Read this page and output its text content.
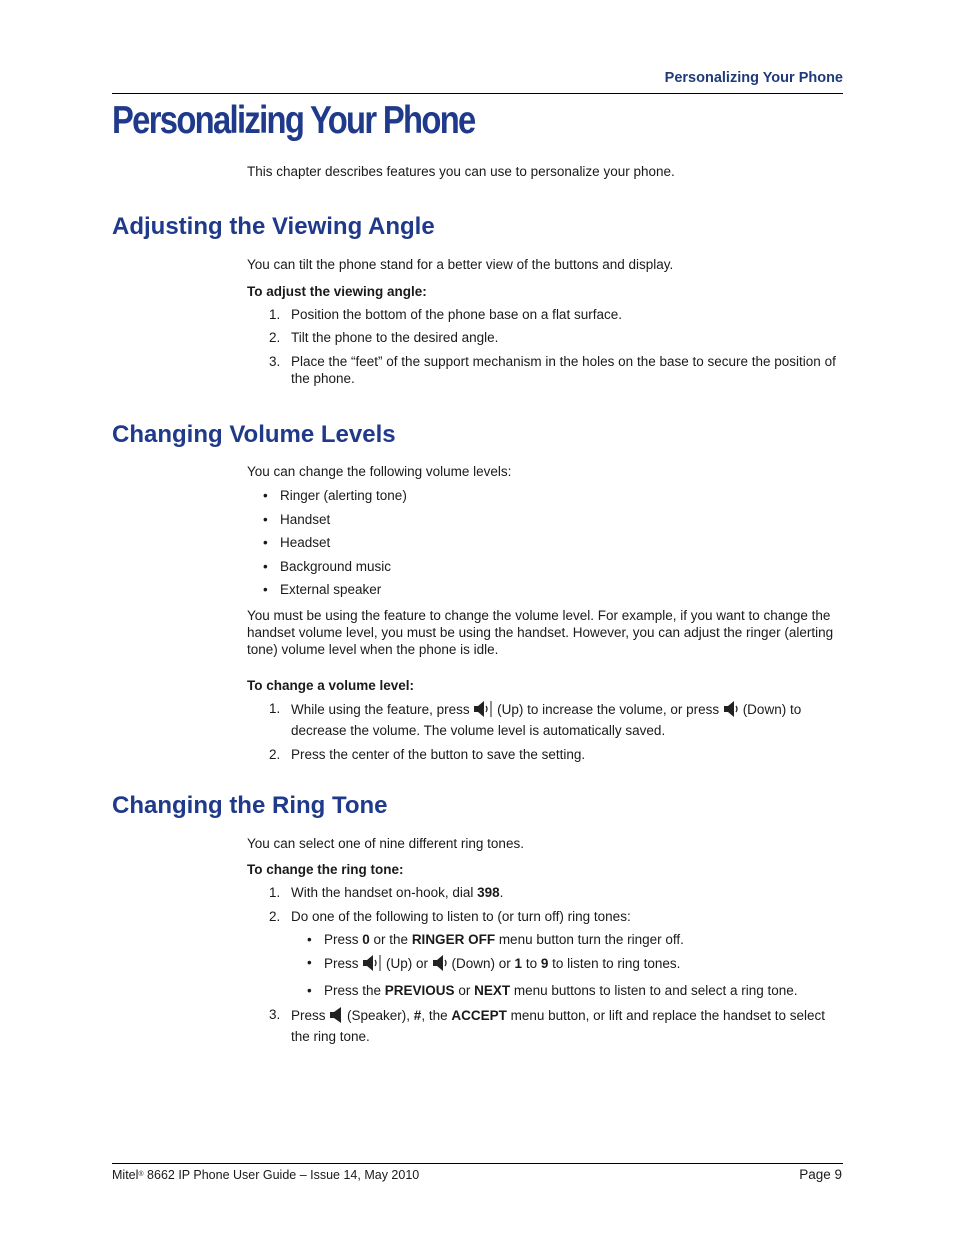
Personalizing Your Phone
Personalizing Your Phone
This chapter describes features you can use to personalize your phone.
Adjusting the Viewing Angle
You can tilt the phone stand for a better view of the buttons and display.
To adjust the viewing angle:
1. Position the bottom of the phone base on a flat surface.
2. Tilt the phone to the desired angle.
3. Place the “feet” of the support mechanism in the holes on the base to secure the position of the phone.
Changing Volume Levels
You can change the following volume levels:
• Ringer (alerting tone)
• Handset
• Headset
• Background music
• External speaker
You must be using the feature to change the volume level. For example, if you want to change the handset volume level, you must be using the handset. However, you can adjust the ringer (alerting tone) volume level when the phone is idle.
To change a volume level:
1. While using the feature, press  (Up) to increase the volume, or press  (Down) to decrease the volume. The volume level is automatically saved.
2. Press the center of the button to save the setting.
Changing the Ring Tone
You can select one of nine different ring tones.
To change the ring tone:
1. With the handset on-hook, dial 398.
2. Do one of the following to listen to (or turn off) ring tones:
• Press 0 or the RINGER OFF menu button turn the ringer off.
• Press  (Up) or  (Down) or 1 to 9 to listen to ring tones.
• Press the PREVIOUS or NEXT menu buttons to listen to and select a ring tone.
3. Press  (Speaker), #, the ACCEPT menu button, or lift and replace the handset to select the ring tone.
Mitel® 8662 IP Phone User Guide – Issue 14, May 2010	Page 9
